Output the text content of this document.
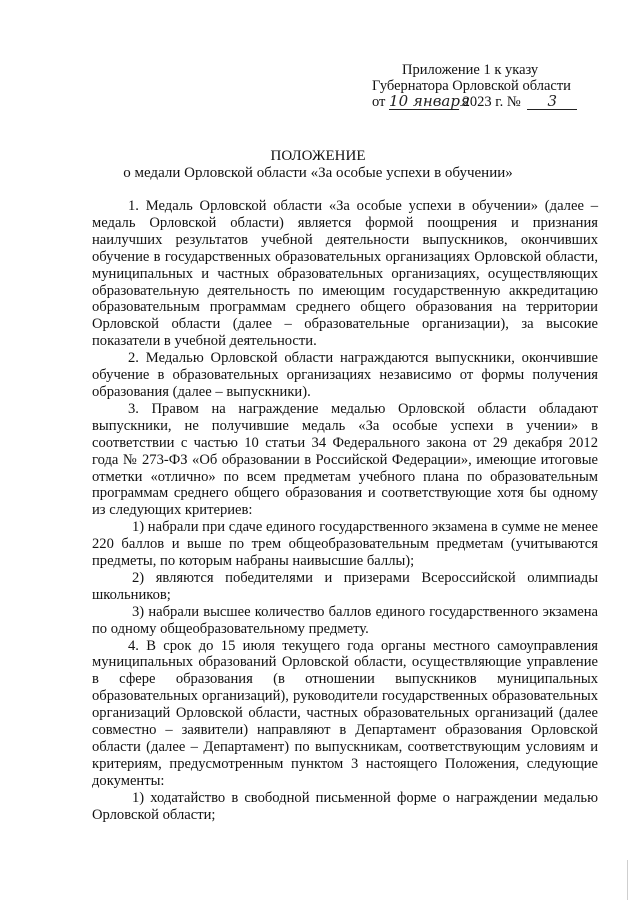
Приложение 1 к указу
Губернатора Орловской области
от 10 января 2023 г. № 3
ПОЛОЖЕНИЕ
о медали Орловской области «За особые успехи в обучении»

1. Медаль Орловской области «За особые успехи в обучении» (далее – медаль Орловской области) является формой поощрения и признания наилучших результатов учебной деятельности выпускников, окончивших обучение в государственных образовательных организациях Орловской области, муниципальных и частных образовательных организациях, осуществляющих образовательную деятельность по имеющим государственную аккредитацию образовательным программам среднего общего образования на территории Орловской области (далее – образовательные организации), за высокие показатели в учебной деятельности.

2. Медалью Орловской области награждаются выпускники, окончившие обучение в образовательных организациях независимо от формы получения образования (далее – выпускники).

3. Правом на награждение медалью Орловской области обладают выпускники, не получившие медаль «За особые успехи в учении» в соответствии с частью 10 статьи 34 Федерального закона от 29 декабря 2012 года № 273-ФЗ «Об образовании в Российской Федерации», имеющие итоговые отметки «отлично» по всем предметам учебного плана по образовательным программам среднего общего образования и соответствующие хотя бы одному из следующих критериев:

1) набрали при сдаче единого государственного экзамена в сумме не менее 220 баллов и выше по трем общеобразовательным предметам (учитываются предметы, по которым набраны наивысшие баллы);

2) являются победителями и призерами Всероссийской олимпиады школьников;

3) набрали высшее количество баллов единого государственного экзамена по одному общеобразовательному предмету.

4. В срок до 15 июля текущего года органы местного самоуправления муниципальных образований Орловской области, осуществляющие управление в сфере образования (в отношении выпускников муниципальных образовательных организаций), руководители государственных образовательных организаций Орловской области, частных образовательных организаций (далее совместно – заявители) направляют в Департамент образования Орловской области (далее – Департамент) по выпускникам, соответствующим условиям и критериям, предусмотренным пунктом 3 настоящего Положения, следующие документы:

1) ходатайство в свободной письменной форме о награждении медалью Орловской области;
